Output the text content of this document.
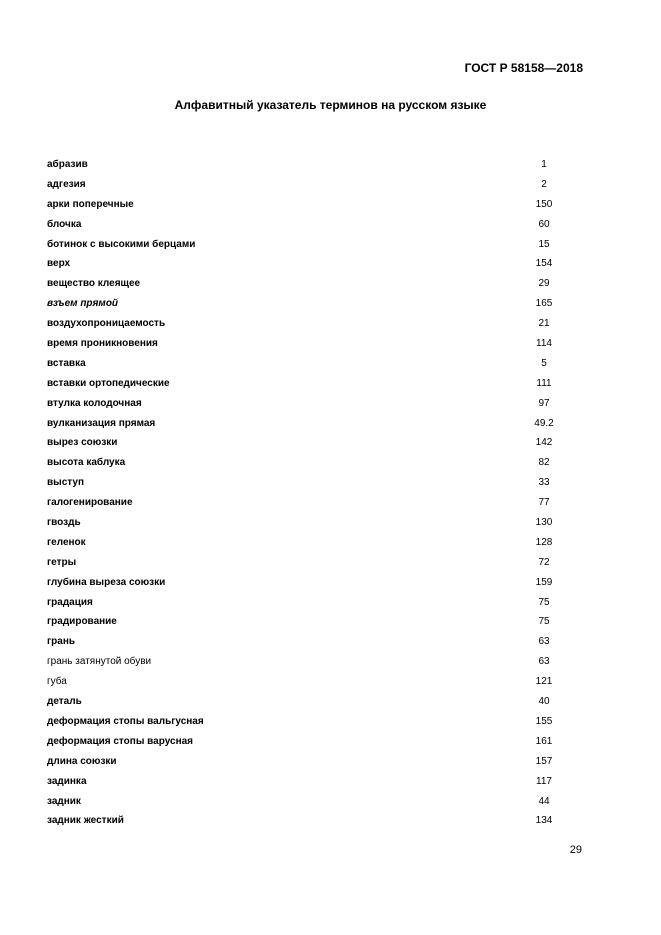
ГОСТ Р 58158—2018
Алфавитный указатель терминов на русском языке
абразив	1
адгезия	2
арки поперечные	150
блочка	60
ботинок с высокими берцами	15
верх	154
вещество клеящее	29
взъем прямой	165
воздухопроницаемость	21
время проникновения	114
вставка	5
вставки ортопедические	111
втулка колодочная	97
вулканизация прямая	49.2
вырез союзки	142
высота каблука	82
выступ	33
галогенирование	77
гвоздь	130
геленок	128
гетры	72
глубина выреза союзки	159
градация	75
градирование	75
грань	63
грань затянутой обуви	63
губа	121
деталь	40
деформация стопы вальгусная	155
деформация стопы варусная	161
длина союзки	157
задинка	117
задник	44
задник жесткий	134
29
